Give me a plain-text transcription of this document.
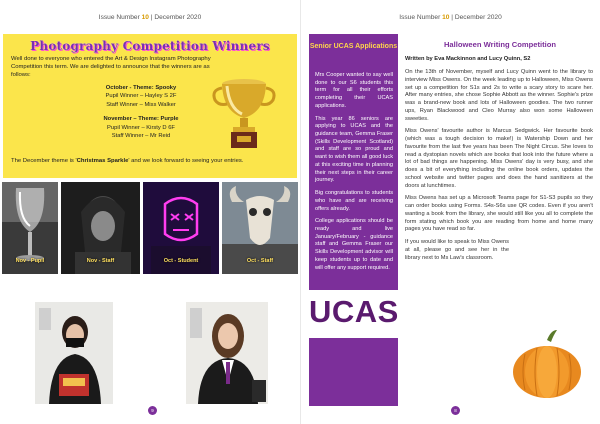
Issue Number 10 | December 2020
Photography Competition Winners
Well done to everyone who entered the Art & Design Instagram Photography Competition this term. We are delighted to announce that the winners are as follows:
October - Theme: Spooky
Pupil Winner – Hayley S 2F
Staff Winner – Miss Walker
November – Theme: Purple
Pupil Winner – Kirsty D 6F
Staff Winner – Mr Reid
The December theme is 'Christmas Sparkle' and we look forward to seeing your entries.
Nov - Pupil	Nov - Staff	Oct - Student	Oct - Staff
9
Issue Number 10 | December 2020
Senior UCAS Applications

Mrs Cooper wanted to say well done to our S6 students this term for all their efforts completing their UCAS applications.

This year 86 seniors are applying to UCAS and the guidance team, Gemma Fraser (Skills Development Scotland) and staff are so proud and want to wish them all good luck at this exciting time in planning their next steps in their career journey.

Big congratulations to students who have and are receiving offers already.

College applications should be ready and live January/February - guidance staff and Gemma Fraser our Skills Development advisor will keep students up to date and will offer any support required.

UCAS
Halloween Writing Competition
Written by Eva Mackinnon and Lucy Quinn, S2

On the 13th of November, myself and Lucy Quinn went to the library to interview Miss Owens. On the week leading up to Halloween, Miss Owens set up a competition for S1s and 2s to write a scary story to scare her. After many entries, she chose Sophie Abbott as the winner. Sophie's prize was a brand-new book and lots of Halloween goodies. The two runner ups, Ryan Blackwood and Cleo Murray also won some Halloween sweeties.

Miss Owens' favourite author is Marcus Sedgwick. Her favourite book (which was a tough decision to make!) is Watership Down and her favourite from the last five years has been The Night Circus. She loves to read a dystopian novels which are books that look into the future where a lot of bad things are happening. Miss Owens' day is very busy, and she does a bit of everything including the online book orders, updates the school website and twitter pages and does the hand sanitizers at the doors at lunchtimes.

Miss Owens has set up a Microsoft Teams page for S1-S3 pupils so they can order books using Forms. S4s-S6s use QR codes. Even if you aren't wanting a book from the library, she would still like you all to complete the form stating which book you are reading from home and home many pages you have read so far.

If you would like to speak to Miss Owens at all, please go and see her in the library next to Ms Law's classroom.

8
